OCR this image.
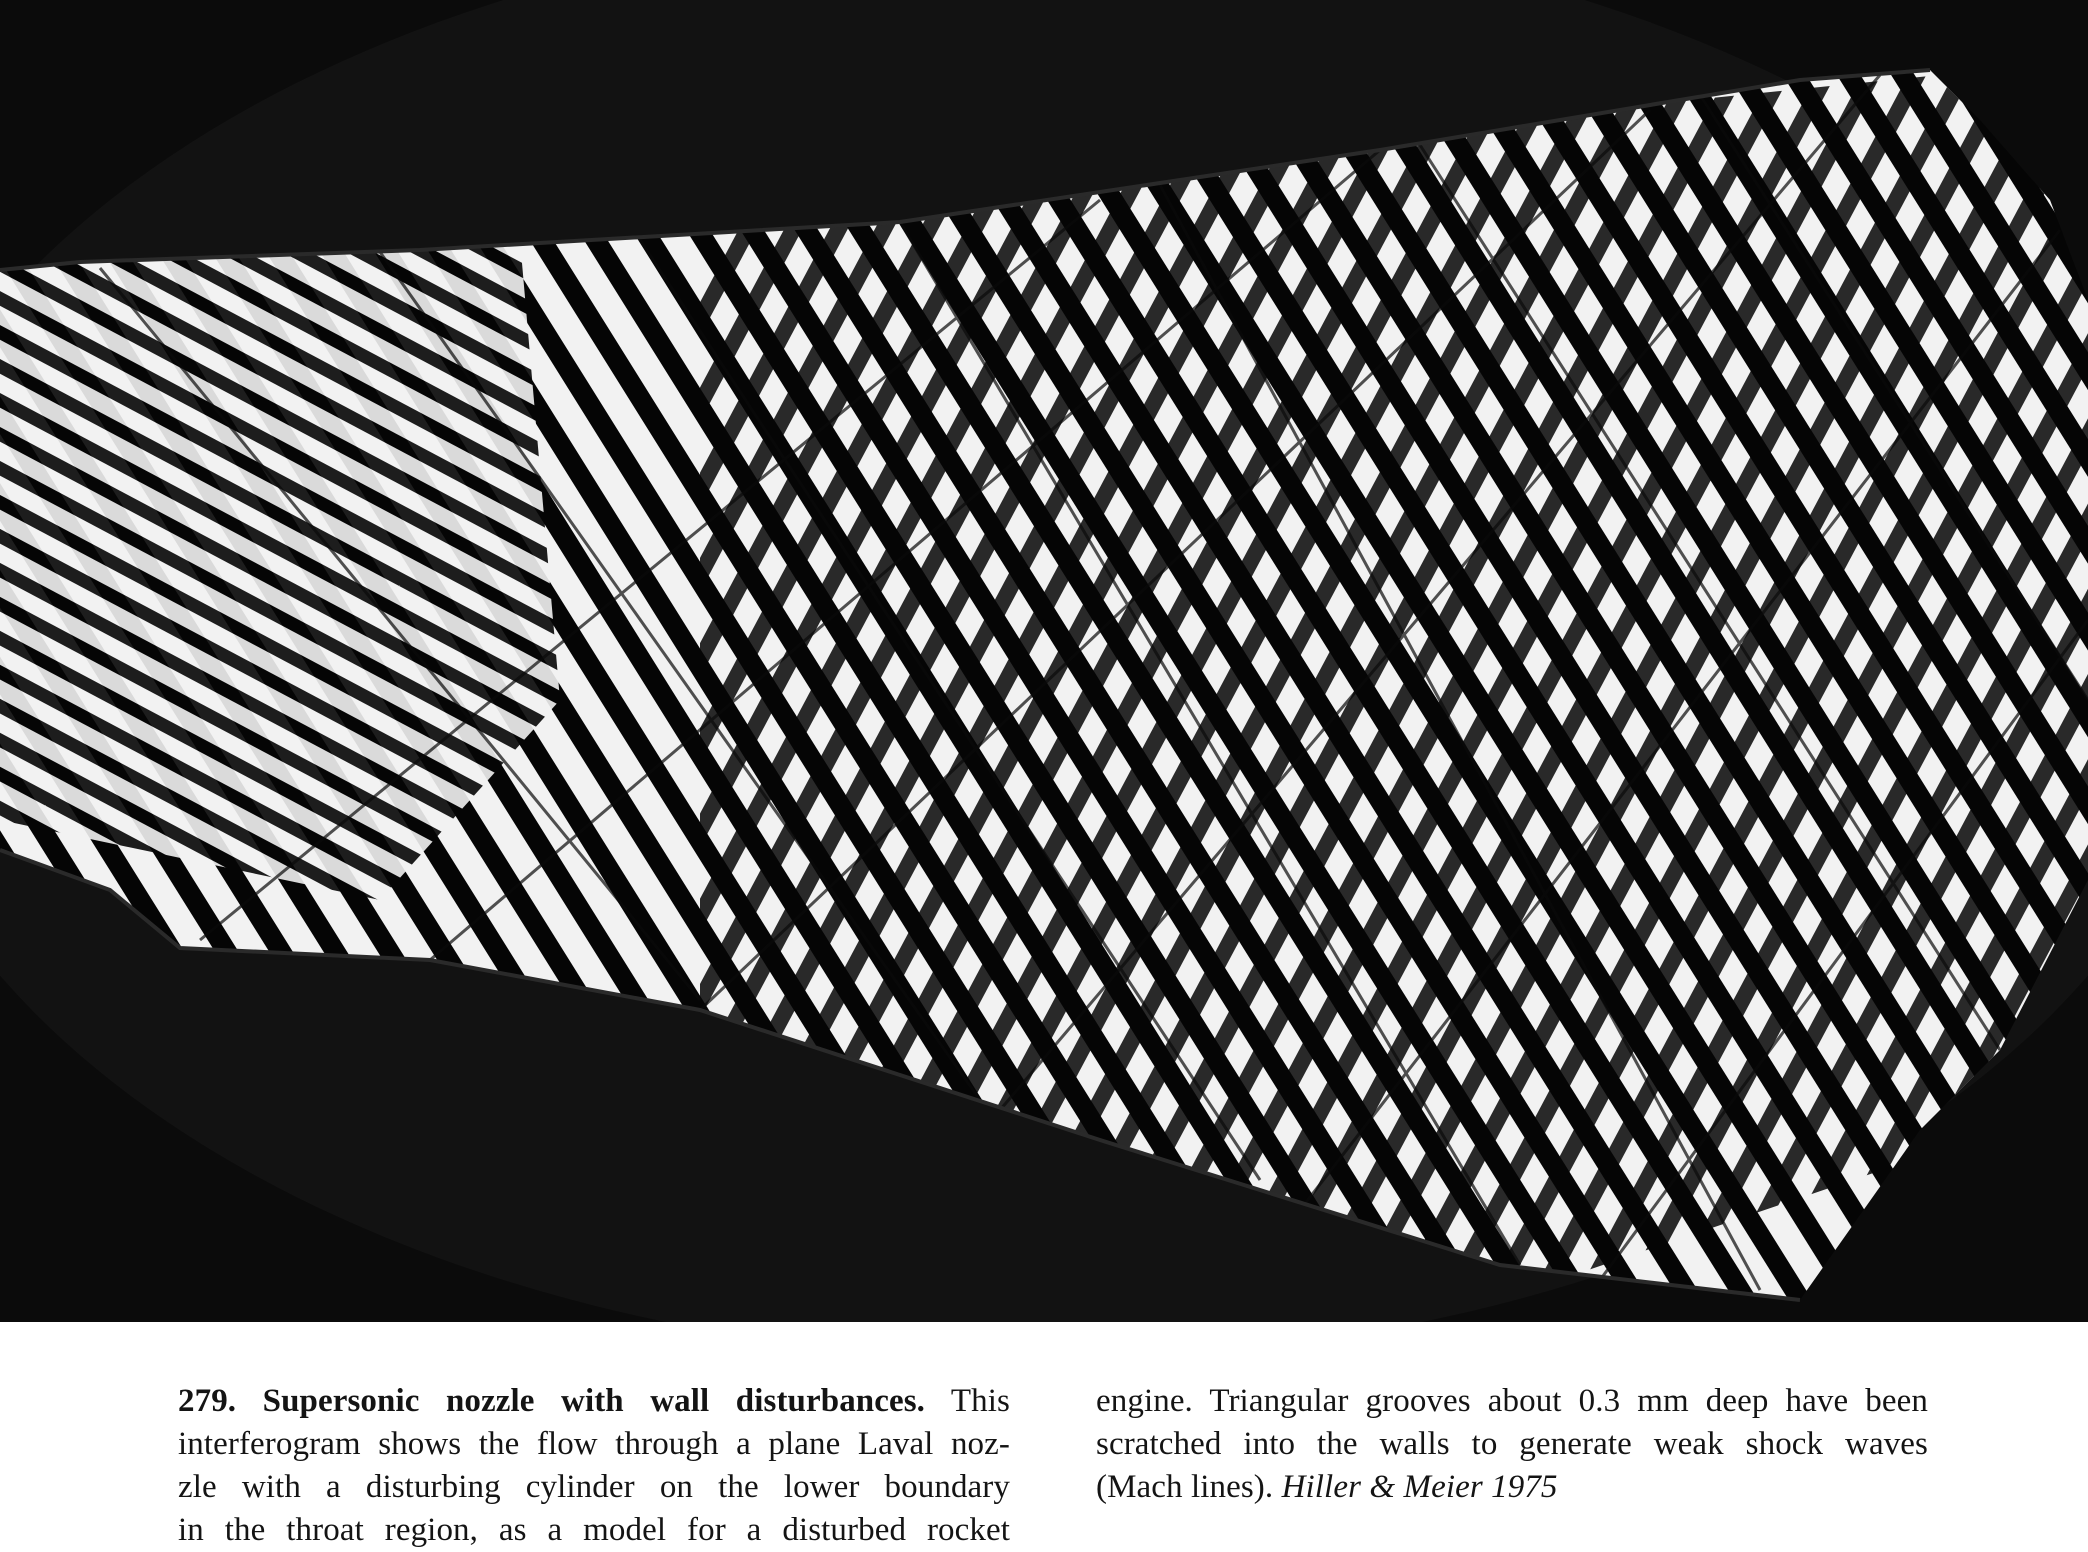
279. Supersonic nozzle with wall disturbances. This
interferogram shows the flow through a plane Laval noz-
zle with a disturbing cylinder on the lower boundary
in the throat region, as a model for a disturbed rocket
engine. Triangular grooves about 0.3 mm deep have been
scratched into the walls to generate weak shock waves
(Mach lines). Hiller & Meier 1975
